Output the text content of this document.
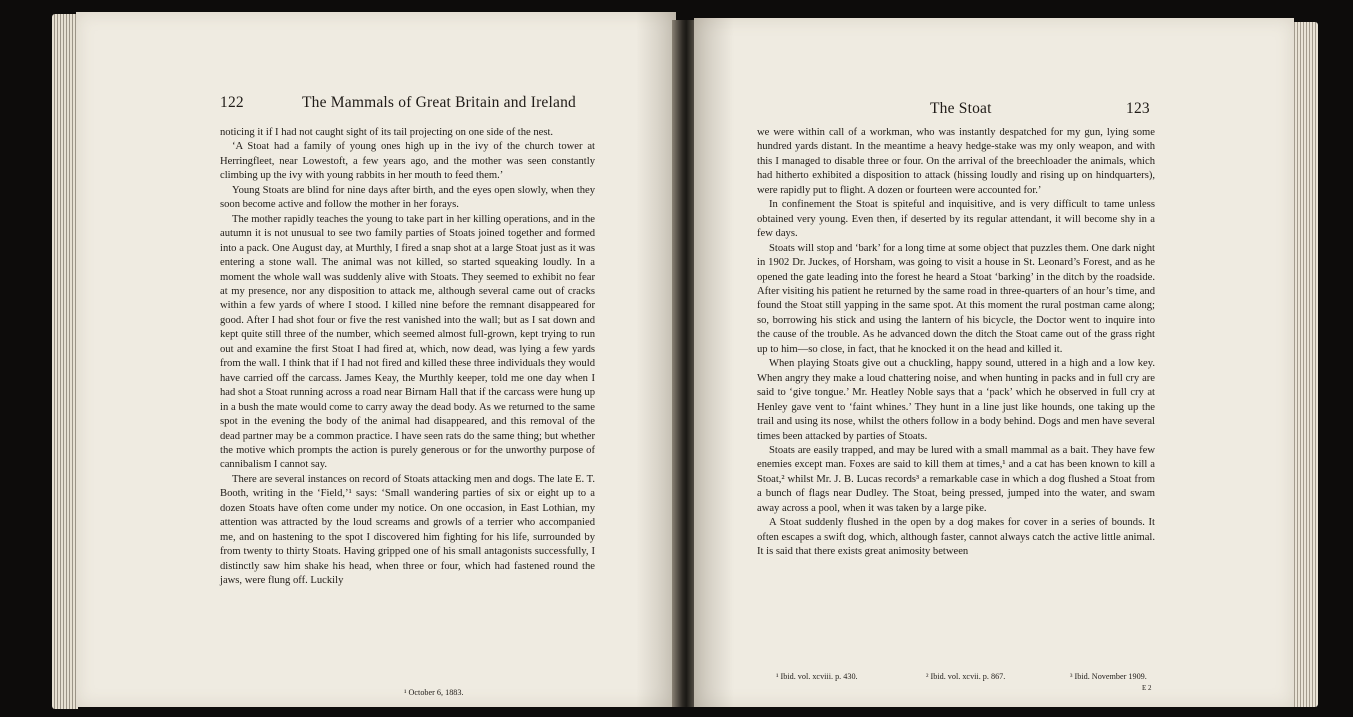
122	The Mammals of Great Britain and Ireland

noticing it if I had not caught sight of its tail projecting on one side of the nest.

‘A Stoat had a family of young ones high up in the ivy of the church tower at Herringfleet, near Lowestoft, a few years ago, and the mother was seen constantly climbing up the ivy with young rabbits in her mouth to feed them.’

Young Stoats are blind for nine days after birth, and the eyes open slowly, when they soon become active and follow the mother in her forays.

The mother rapidly teaches the young to take part in her killing operations, and in the autumn it is not unusual to see two family parties of Stoats joined together and formed into a pack. One August day, at Murthly, I fired a snap shot at a large Stoat just as it was entering a stone wall. The animal was not killed, so started squeaking loudly. In a moment the whole wall was suddenly alive with Stoats. They seemed to exhibit no fear at my presence, nor any disposition to attack me, although several came out of cracks within a few yards of where I stood. I killed nine before the remnant disappeared for good. After I had shot four or five the rest vanished into the wall; but as I sat down and kept quite still three of the number, which seemed almost full-grown, kept trying to run out and examine the first Stoat I had fired at, which, now dead, was lying a few yards from the wall. I think that if I had not fired and killed these three individuals they would have carried off the carcass. James Keay, the Murthly keeper, told me one day when I had shot a Stoat running across a road near Birnam Hall that if the carcass were hung up in a bush the mate would come to carry away the dead body. As we returned to the same spot in the evening the body of the animal had disappeared, and this removal of the dead partner may be a common practice. I have seen rats do the same thing; but whether the motive which prompts the action is purely generous or for the unworthy purpose of cannibalism I cannot say.

There are several instances on record of Stoats attacking men and dogs. The late E. T. Booth, writing in the ‘Field,’¹ says: ‘Small wandering parties of six or eight up to a dozen Stoats have often come under my notice. On one occasion, in East Lothian, my attention was attracted by the loud screams and growls of a terrier who accompanied me, and on hastening to the spot I discovered him fighting for his life, surrounded by from twenty to thirty Stoats. Having gripped one of his small antagonists successfully, I distinctly saw him shake his head, when three or four, which had fastened round the jaws, were flung off. Luckily

¹ October 6, 1883.
The Stoat	123

we were within call of a workman, who was instantly despatched for my gun, lying some hundred yards distant. In the meantime a heavy hedge-stake was my only weapon, and with this I managed to disable three or four. On the arrival of the breechloader the animals, which had hitherto exhibited a disposition to attack (hissing loudly and rising up on hindquarters), were rapidly put to flight. A dozen or fourteen were accounted for.’

In confinement the Stoat is spiteful and inquisitive, and is very difficult to tame unless obtained very young. Even then, if deserted by its regular attendant, it will become shy in a few days.

Stoats will stop and ‘bark’ for a long time at some object that puzzles them. One dark night in 1902 Dr. Juckes, of Horsham, was going to visit a house in St. Leonard’s Forest, and as he opened the gate leading into the forest he heard a Stoat ‘barking’ in the ditch by the roadside. After visiting his patient he returned by the same road in three-quarters of an hour’s time, and found the Stoat still yapping in the same spot. At this moment the rural postman came along; so, borrowing his stick and using the lantern of his bicycle, the Doctor went to inquire into the cause of the trouble. As he advanced down the ditch the Stoat came out of the grass right up to him—so close, in fact, that he knocked it on the head and killed it.

When playing Stoats give out a chuckling, happy sound, uttered in a high and a low key. When angry they make a loud chattering noise, and when hunting in packs and in full cry are said to ‘give tongue.’ Mr. Heatley Noble says that a ‘pack’ which he observed in full cry at Henley gave vent to ‘faint whines.’ They hunt in a line just like hounds, one taking up the trail and using its nose, whilst the others follow in a body behind. Dogs and men have several times been attacked by parties of Stoats.

Stoats are easily trapped, and may be lured with a small mammal as a bait. They have few enemies except man. Foxes are said to kill them at times,¹ and a cat has been known to kill a Stoat,² whilst Mr. J. B. Lucas records³ a remarkable case in which a dog flushed a Stoat from a bunch of flags near Dudley. The Stoat, being pressed, jumped into the water, and swam away across a pool, when it was taken by a large pike.

A Stoat suddenly flushed in the open by a dog makes for cover in a series of bounds. It often escapes a swift dog, which, although faster, cannot always catch the active little animal. It is said that there exists great animosity between

¹ Ibid. vol. xcviii. p. 430.	² Ibid. vol. xcvii. p. 867.	³ Ibid. November 1909.
E 2
